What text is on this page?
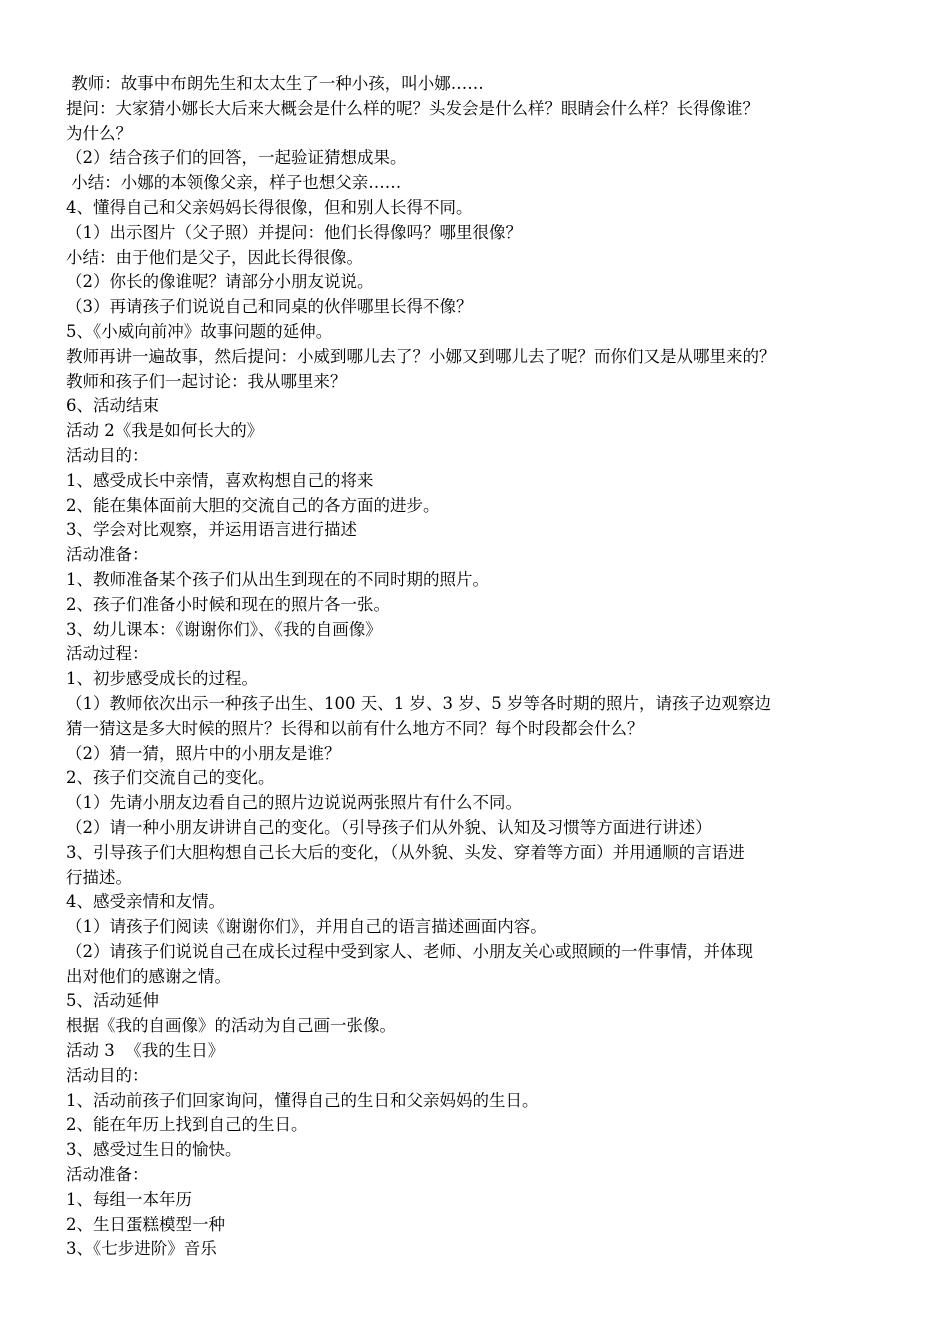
教师：故事中布朗先生和太太生了一种小孩，叫小娜……

提问：大家猜小娜长大后来大概会是什么样的呢？头发会是什么样？眼睛会什么样？长得像谁？

为什么？

（2）结合孩子们的回答，一起验证猜想成果。

小结：小娜的本领像父亲，样子也想父亲……

4、懂得自己和父亲妈妈长得很像，但和别人长得不同。

（1）出示图片（父子照）并提问：他们长得像吗？哪里很像？

小结：由于他们是父子，因此长得很像。

（2）你长的像谁呢？请部分小朋友说说。

（3）再请孩子们说说自己和同桌的伙伴哪里长得不像？

5、《小威向前冲》故事问题的延伸。

教师再讲一遍故事，然后提问：小威到哪儿去了？小娜又到哪儿去了呢？而你们又是从哪里来的？

教师和孩子们一起讨论：我从哪里来？

6、活动结束

活动 2《我是如何长大的》

活动目的：

1、感受成长中亲情，喜欢构想自己的将来

2、能在集体面前大胆的交流自己的各方面的进步。

3、学会对比观察，并运用语言进行描述

活动准备：

1、教师准备某个孩子们从出生到现在的不同时期的照片。

2、孩子们准备小时候和现在的照片各一张。

3、幼儿课本：《谢谢你们》、《我的自画像》

活动过程：

1、初步感受成长的过程。

（1）教师依次出示一种孩子出生、100 天、1 岁、3 岁、5 岁等各时期的照片，请孩子边观察边

猜一猜这是多大时候的照片？长得和以前有什么地方不同？每个时段都会什么？

（2）猜一猜，照片中的小朋友是谁？

2、孩子们交流自己的变化。

（1）先请小朋友边看自己的照片边说说两张照片有什么不同。

（2）请一种小朋友讲讲自己的变化。（引导孩子们从外貌、认知及习惯等方面进行讲述）

3、引导孩子们大胆构想自己长大后的变化，（从外貌、头发、穿着等方面）并用通顺的言语进

行描述。

4、感受亲情和友情。

（1）请孩子们阅读《谢谢你们》，并用自己的语言描述画面内容。

（2）请孩子们说说自己在成长过程中受到家人、老师、小朋友关心或照顾的一件事情，并体现

出对他们的感谢之情。

5、活动延伸

根据《我的自画像》的活动为自己画一张像。

活动 3  《我的生日》

活动目的：

1、活动前孩子们回家询问，懂得自己的生日和父亲妈妈的生日。

2、能在年历上找到自己的生日。

3、感受过生日的愉快。

活动准备：

1、每组一本年历

2、生日蛋糕模型一种

3、《七步进阶》音乐
